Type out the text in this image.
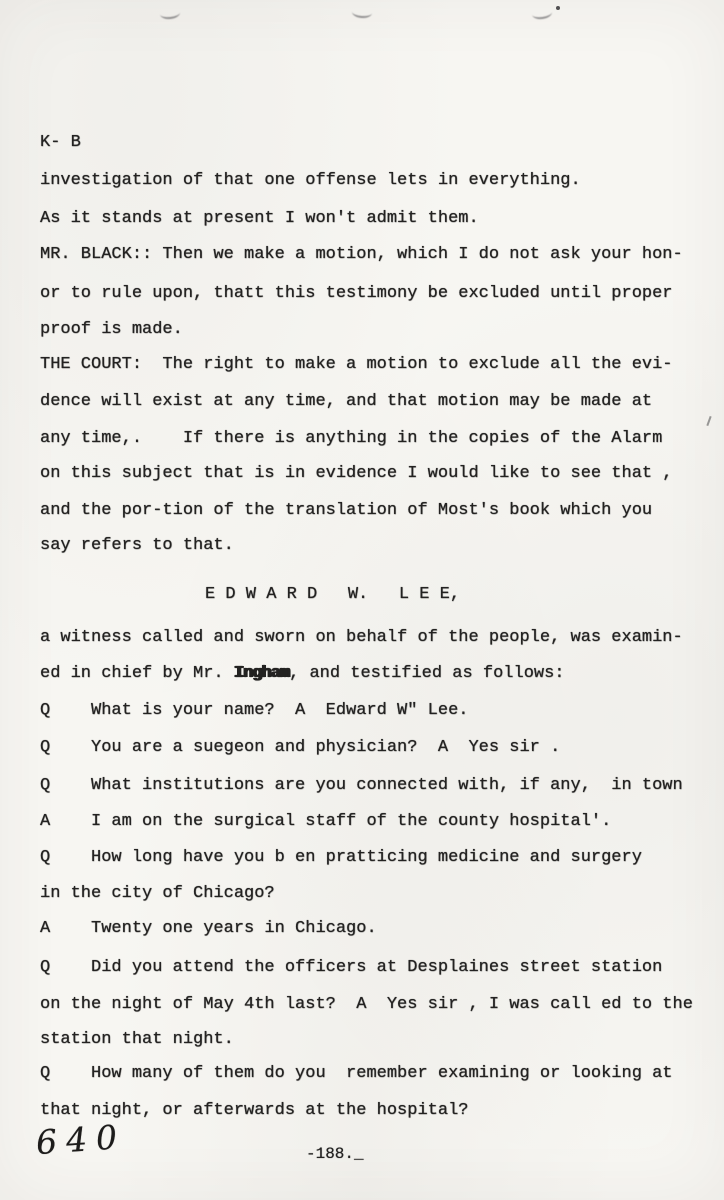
K- B
investigation of that one offense lets in everything.
As it stands at present I won't admit them.
MR. BLACK:: Then we make a motion, which I do not ask your hon-
or to rule upon, thatt this testimony be excluded until proper
proof is made.
THE COURT:  The right to make a motion to exclude all the evi-
dence will exist at any time, and that motion may be made at
any time,.    If there is anything in the copies of the Alarm
on this subject that is in evidence I would like to see that ,
and the por-tion of the translation of Most's book which you
say refers to that.
E D W A R D   W.   L E E,
a witness called and sworn on behalf of the people, was examin-
ed in chief by Mr. Ingham, and testified as follows:
Q    What is your name?  A  Edward W" Lee.
Q    You are a suegeon and physician?  A  Yes sir .
Q    What institutions are you connected with, if any,  in town
A    I am on the surgical staff of the county hospital'.
Q    How long have you b en pratticing medicine and surgery
in the city of Chicago?
A    Twenty one years in Chicago.
Q    Did you attend the officers at Desplaines street station
on the night of May 4th last?  A  Yes sir , I was call ed to the
station that night.
Q    How many of them do you  remember examining or looking at
that night, or afterwards at the hospital?
640	-188._
